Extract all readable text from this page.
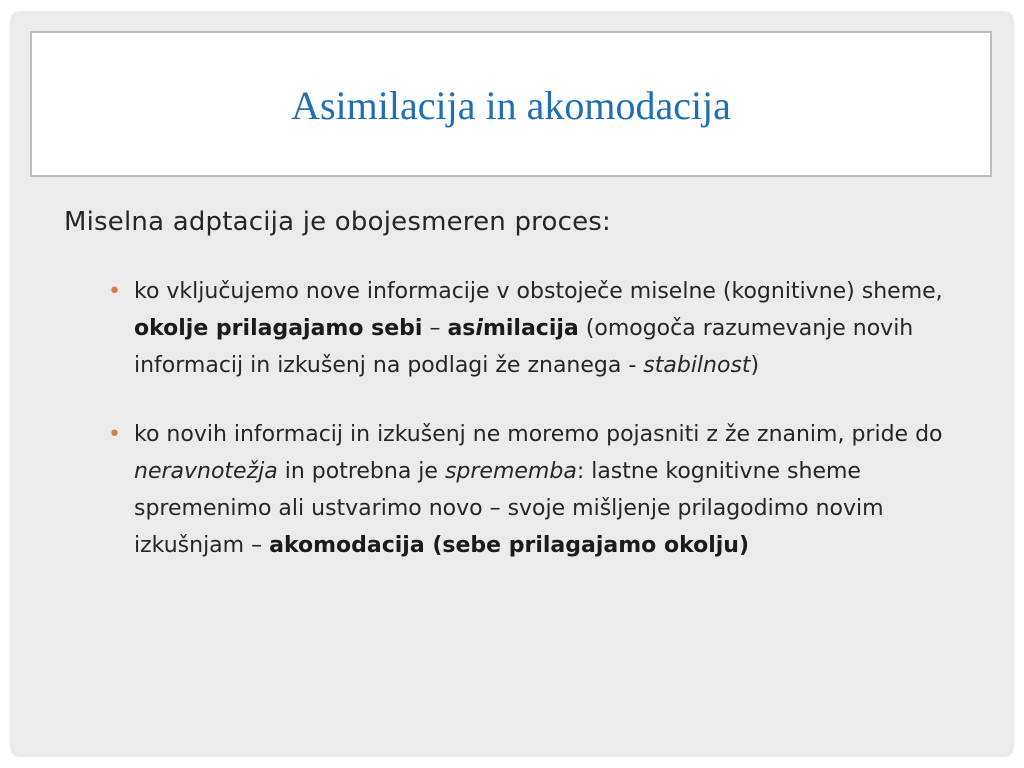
Asimilacija in akomodacija

Miselna adptacija je obojesmeren proces:

• ko vključujemo nove informacije v obstoječe miselne (kognitivne) sheme, okolje prilagajamo sebi – asimilacija (omogoča razumevanje novih informacij in izkušenj na podlagi že znanega - stabilnost)
• ko novih informacij in izkušenj ne moremo pojasniti z že znanim, pride do neravnotežja in potrebna je sprememba: lastne kognitivne sheme spremenimo ali ustvarimo novo – svoje mišljenje prilagodimo novim izkušnjam – akomodacija (sebe prilagajamo okolju)
